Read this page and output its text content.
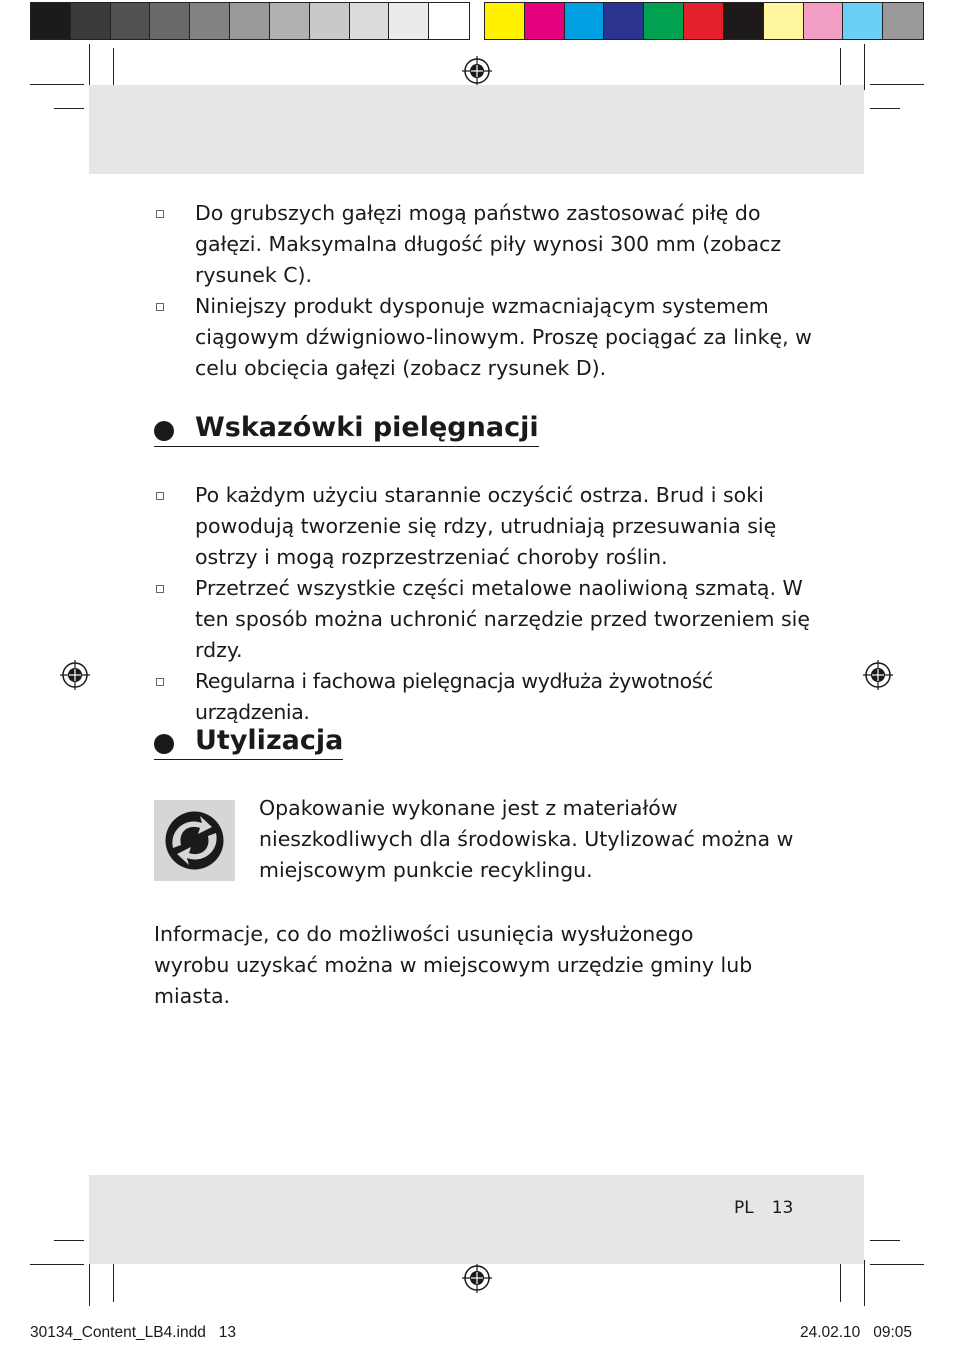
Do grubszych gałęzi mogą państwo zastosować piłę do gałęzi. Maksymalna długość piły wynosi 300 mm (zobacz rysunek C).
Niniejszy produkt dysponuje wzmacniającym systemem ciągowym dźwigniowo-linowym. Proszę pociągać za linkę, w celu obcięcia gałęzi (zobacz rysunek D).
Wskazówki pielęgnacji
Po każdym użyciu starannie oczyścić ostrza. Brud i soki powodują tworzenie się rdzy, utrudniają przesuwania się ostrzy i mogą rozprzestrzeniać choroby roślin.
Przetrzeć wszystkie części metalowe naoliwioną szmatą. W ten sposób można uchronić narzędzie przed tworzeniem się rdzy.
Regularna i fachowa pielęgnacja wydłuża żywotność urządzenia.
Utylizacja
Opakowanie wykonane jest z materiałów nieszkodliwych dla środowiska. Utylizować można w miejscowym punkcie recyklingu.
Informacje, co do możliwości usunięcia wysłużonego wyrobu uzyskać można w miejscowym urzędzie gminy lub miasta.
PL 13
30134_Content_LB4.indd   13	24.02.10   09:05
